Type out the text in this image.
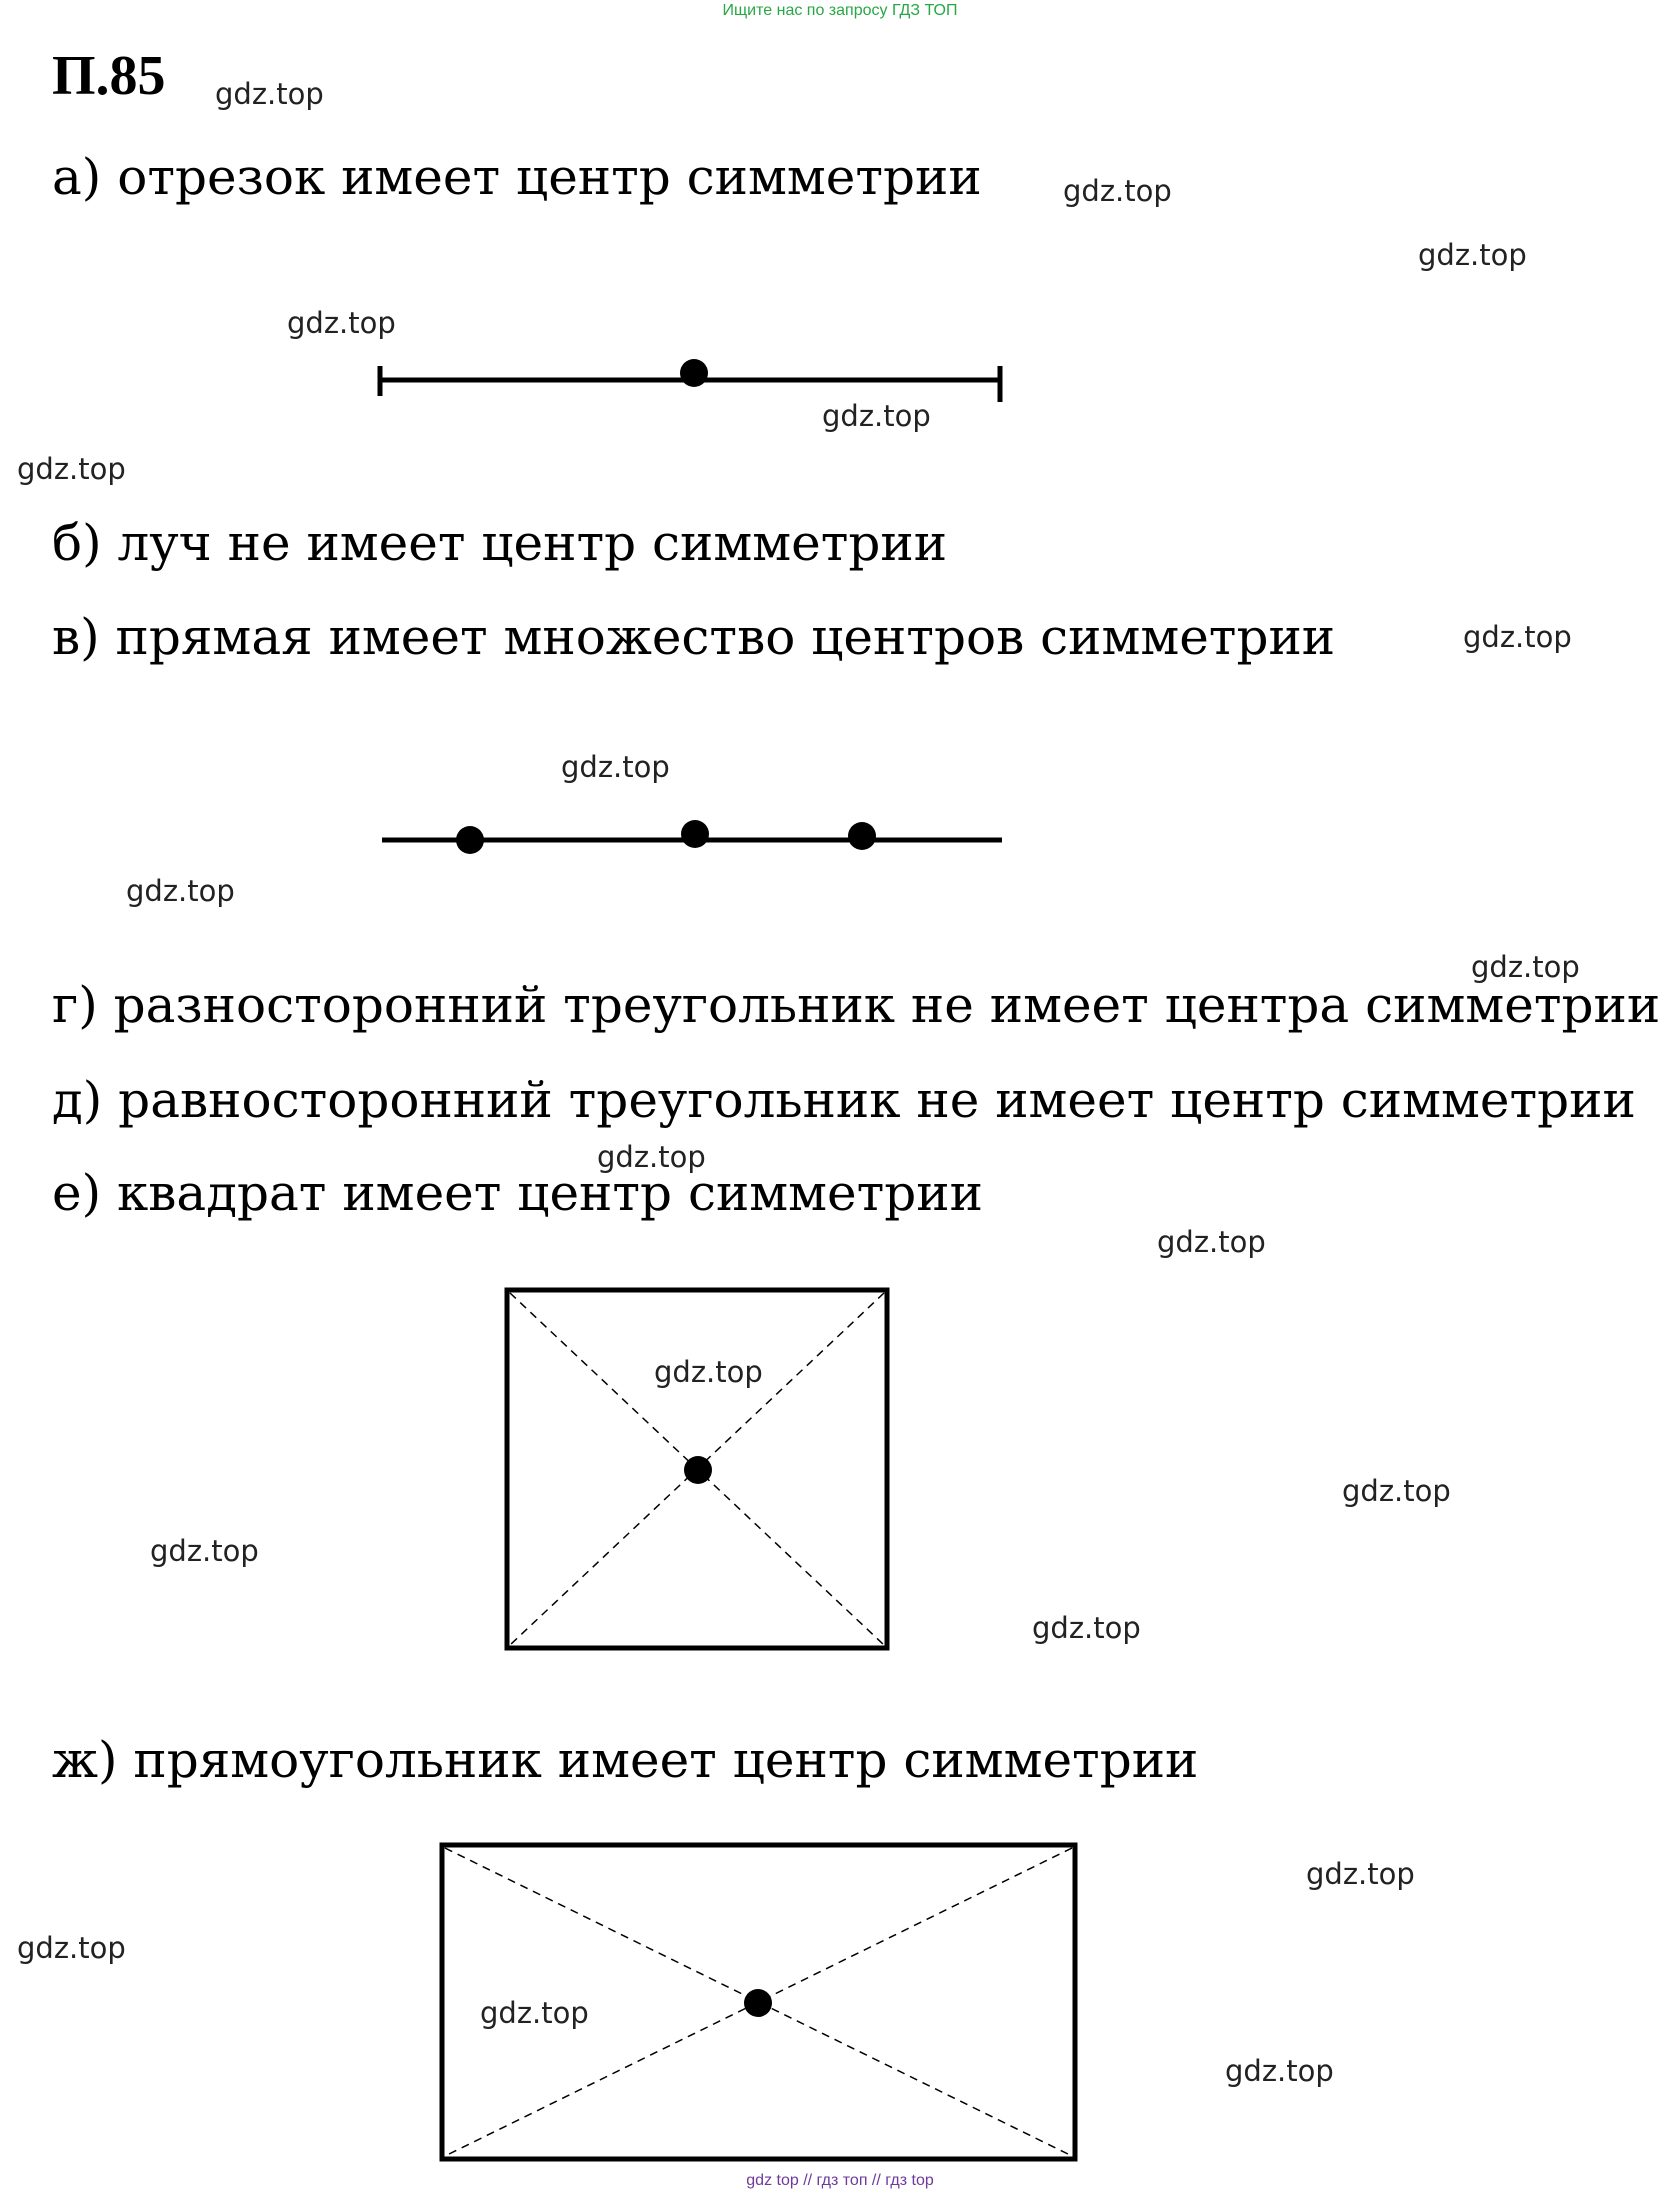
Ищите нас по запросу ГДЗ ТОП
П.85
а) отрезок имеет центр симметрии
б) луч не имеет центр симметрии
в) прямая имеет множество центров симметрии
г) разносторонний треугольник не имеет центра симметрии
д) равносторонний треугольник не имеет центр симметрии
е) квадрат имеет центр симметрии
ж) прямоугольник имеет центр симметрии
gdz.top
gdz.top
gdz.top
gdz.top
gdz.top
gdz.top
gdz.top
gdz.top
gdz.top
gdz.top
gdz.top
gdz.top
gdz.top
gdz.top
gdz.top
gdz.top
gdz.top
gdz.top
gdz.top
gdz.top
gdz top // гдз топ // гдз top
